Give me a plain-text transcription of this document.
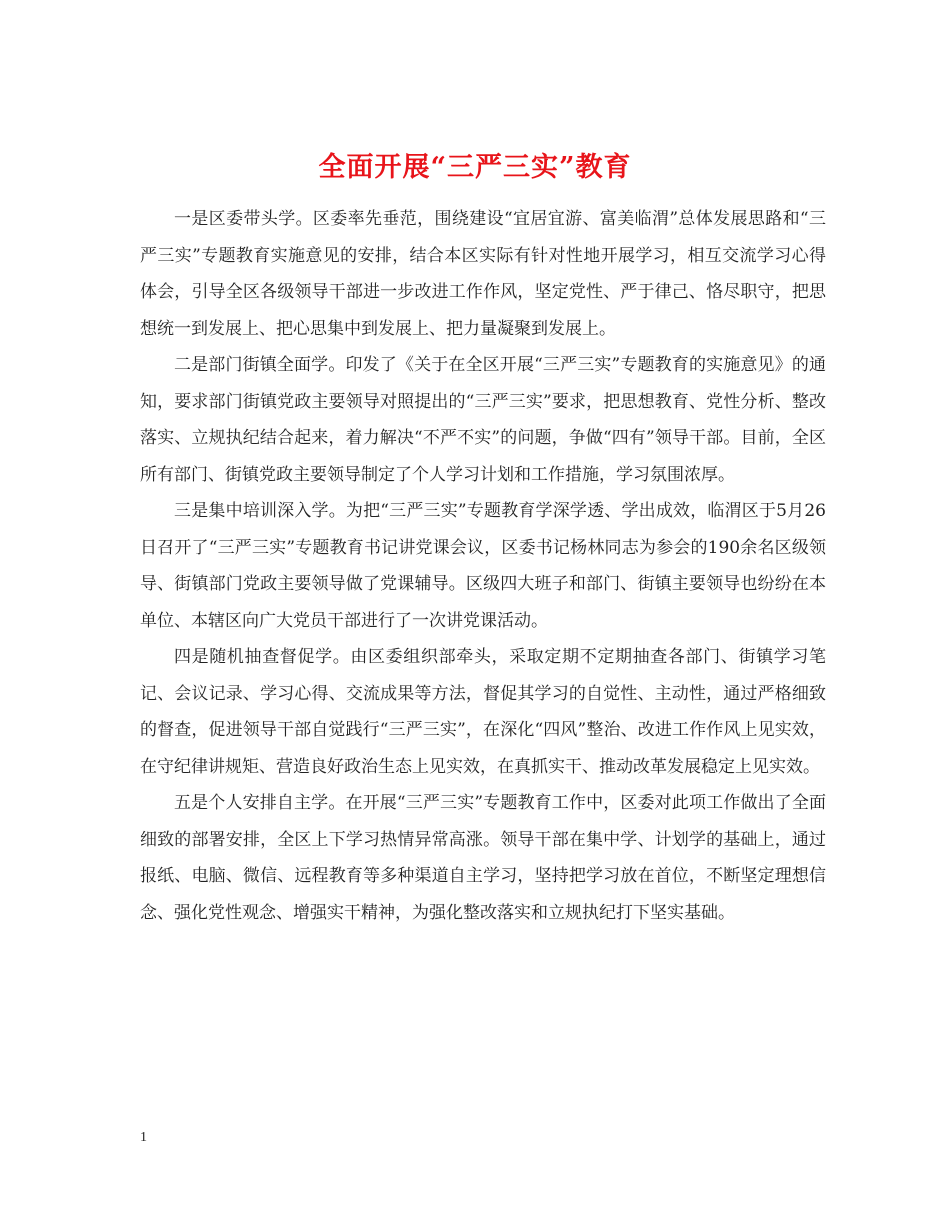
全面开展“三严三实”教育

一是区委带头学。区委率先垂范，围绕建设“宜居宜游、富美临渭”总体发展思路和“三严三实”专题教育实施意见的安排，结合本区实际有针对性地开展学习，相互交流学习心得体会，引导全区各级领导干部进一步改进工作作风，坚定党性、严于律己、恪尽职守，把思想统一到发展上、把心思集中到发展上、把力量凝聚到发展上。

二是部门街镇全面学。印发了《关于在全区开展“三严三实”专题教育的实施意见》的通知，要求部门街镇党政主要领导对照提出的“三严三实”要求，把思想教育、党性分析、整改落实、立规执纪结合起来，着力解决“不严不实”的问题，争做“四有”领导干部。目前，全区所有部门、街镇党政主要领导制定了个人学习计划和工作措施，学习氛围浓厚。

三是集中培训深入学。为把“三严三实”专题教育学深学透、学出成效，临渭区于5月26日召开了“三严三实”专题教育书记讲党课会议，区委书记杨林同志为参会的190余名区级领导、街镇部门党政主要领导做了党课辅导。区级四大班子和部门、街镇主要领导也纷纷在本单位、本辖区向广大党员干部进行了一次讲党课活动。

四是随机抽查督促学。由区委组织部牵头，采取定期不定期抽查各部门、街镇学习笔记、会议记录、学习心得、交流成果等方法，督促其学习的自觉性、主动性，通过严格细致的督查，促进领导干部自觉践行“三严三实”，在深化“四风”整治、改进工作作风上见实效，在守纪律讲规矩、营造良好政治生态上见实效，在真抓实干、推动改革发展稳定上见实效。

五是个人安排自主学。在开展“三严三实”专题教育工作中，区委对此项工作做出了全面细致的部署安排，全区上下学习热情异常高涨。领导干部在集中学、计划学的基础上，通过报纸、电脑、微信、远程教育等多种渠道自主学习，坚持把学习放在首位，不断坚定理想信念、强化党性观念、增强实干精神，为强化整改落实和立规执纪打下坚实基础。

1
